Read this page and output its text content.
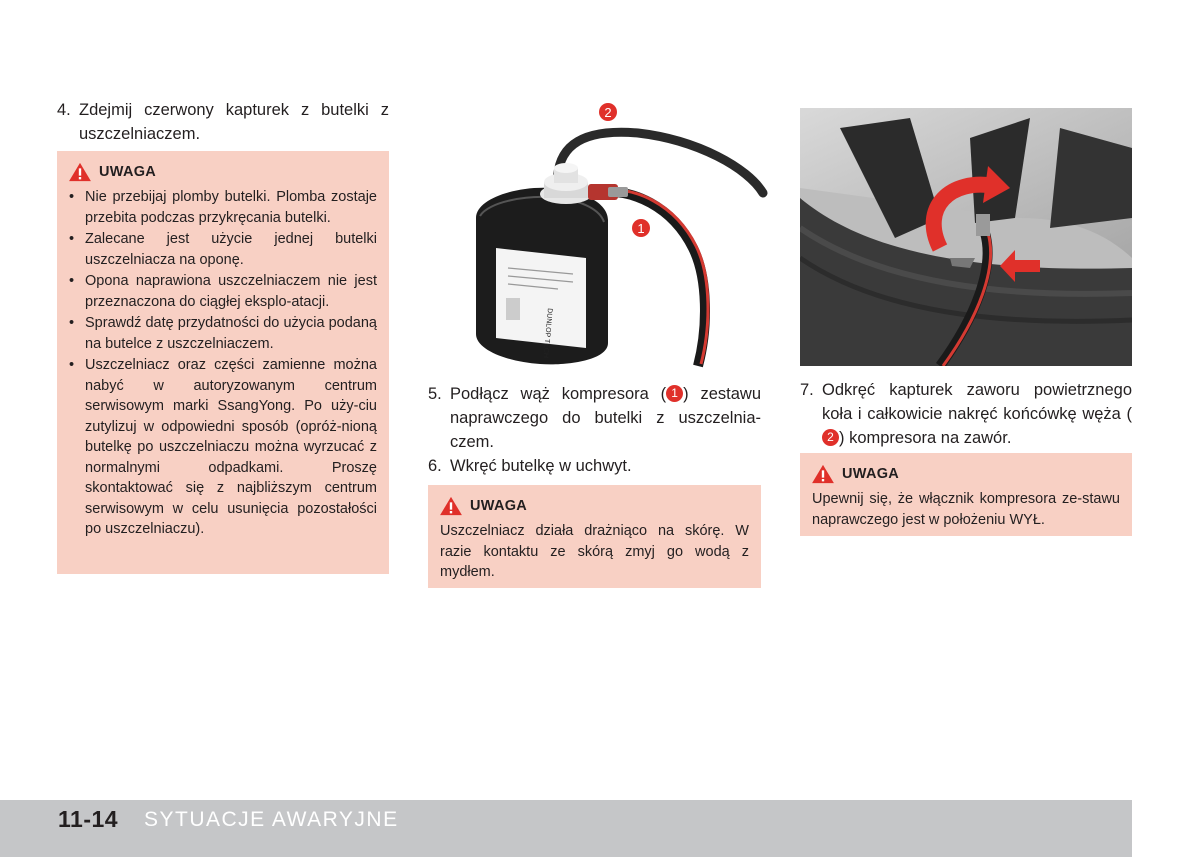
4. Zdejmij czerwony kapturek z butelki z uszczelniaczem.
UWAGA
• Nie przebijaj plomby butelki. Plomba zostaje przebita podczas przykręcania butelki.
• Zalecane jest użycie jednej butelki uszczelniacza na oponę.
• Opona naprawiona uszczelniaczem nie jest przeznaczona do ciągłej eksplo-atacji.
• Sprawdź datę przydatności do użycia podaną na butelce z uszczelniaczem.
• Uszczelniacz oraz części zamienne można nabyć w autoryzowanym centrum serwisowym marki SsangYong. Po uży-ciu zutylizuj w odpowiedni sposób (opróż-nioną butelkę po uszczelniaczu można wyrzucać z normalnymi odpadkami. Proszę skontaktować się z najbliższym centrum serwisowym w celu usunięcia pozostałości po uszczelniaczu).
DUNLOP TECH
2
1
5. Podłącz wąż kompresora ( 1 ) zestawu naprawczego do butelki z uszczelnia-czem.
6. Wkręć butelkę w uchwyt.
UWAGA
Uszczelniacz działa drażniąco na skórę. W razie kontaktu ze skórą zmyj go wodą z mydłem.
7. Odkręć kapturek zaworu powietrznego koła i całkowicie nakręć końcówkę węża (2 ) kompresora na zawór.
UWAGA
Upewnij się, że włącznik kompresora ze-stawu naprawczego jest w położeniu WYŁ.
11-14 SYTUACJE AWARYJNE
